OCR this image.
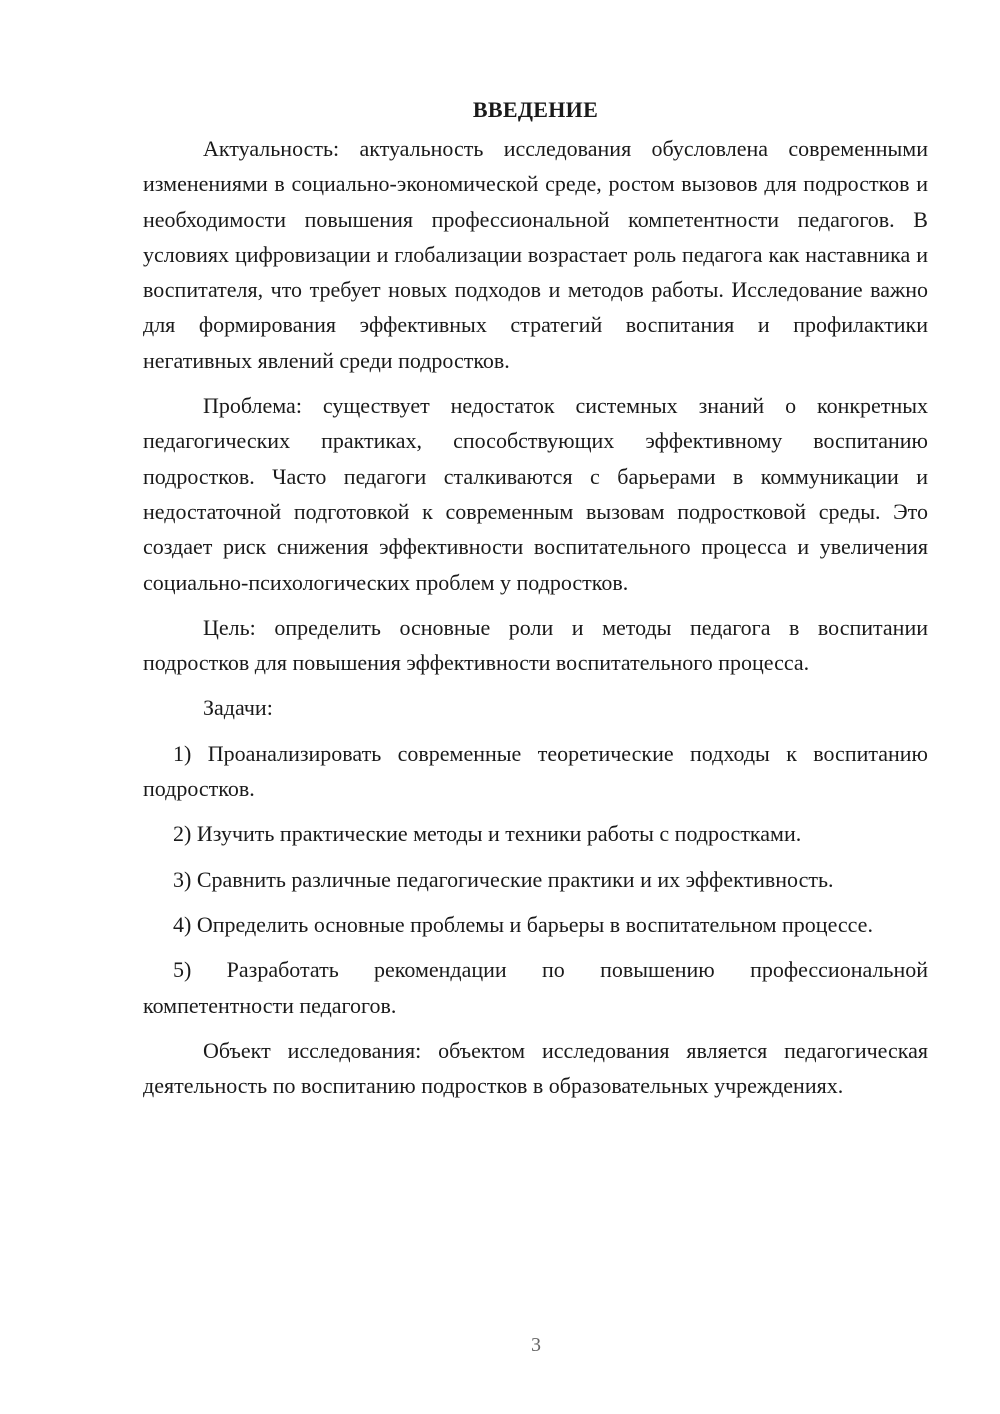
ВВЕДЕНИЕ

Актуальность: актуальность исследования обусловлена современными изменениями в социально-экономической среде, ростом вызовов для подростков и необходимости повышения профессиональной компетентности педагогов. В условиях цифровизации и глобализации возрастает роль педагога как наставника и воспитателя, что требует новых подходов и методов работы. Исследование важно для формирования эффективных стратегий воспитания и профилактики негативных явлений среди подростков.

Проблема: существует недостаток системных знаний о конкретных педагогических практиках, способствующих эффективному воспитанию подростков. Часто педагоги сталкиваются с барьерами в коммуникации и недостаточной подготовкой к современным вызовам подростковой среды. Это создает риск снижения эффективности воспитательного процесса и увеличения социально-психологических проблем у подростков.

Цель: определить основные роли и методы педагога в воспитании подростков для повышения эффективности воспитательного процесса.

Задачи:

1) Проанализировать современные теоретические подходы к воспитанию подростков.

2) Изучить практические методы и техники работы с подростками.

3) Сравнить различные педагогические практики и их эффективность.

4) Определить основные проблемы и барьеры в воспитательном процессе.

5) Разработать рекомендации по повышению профессиональной компетентности педагогов.

Объект исследования: объектом исследования является педагогическая деятельность по воспитанию подростков в образовательных учреждениях.

3
